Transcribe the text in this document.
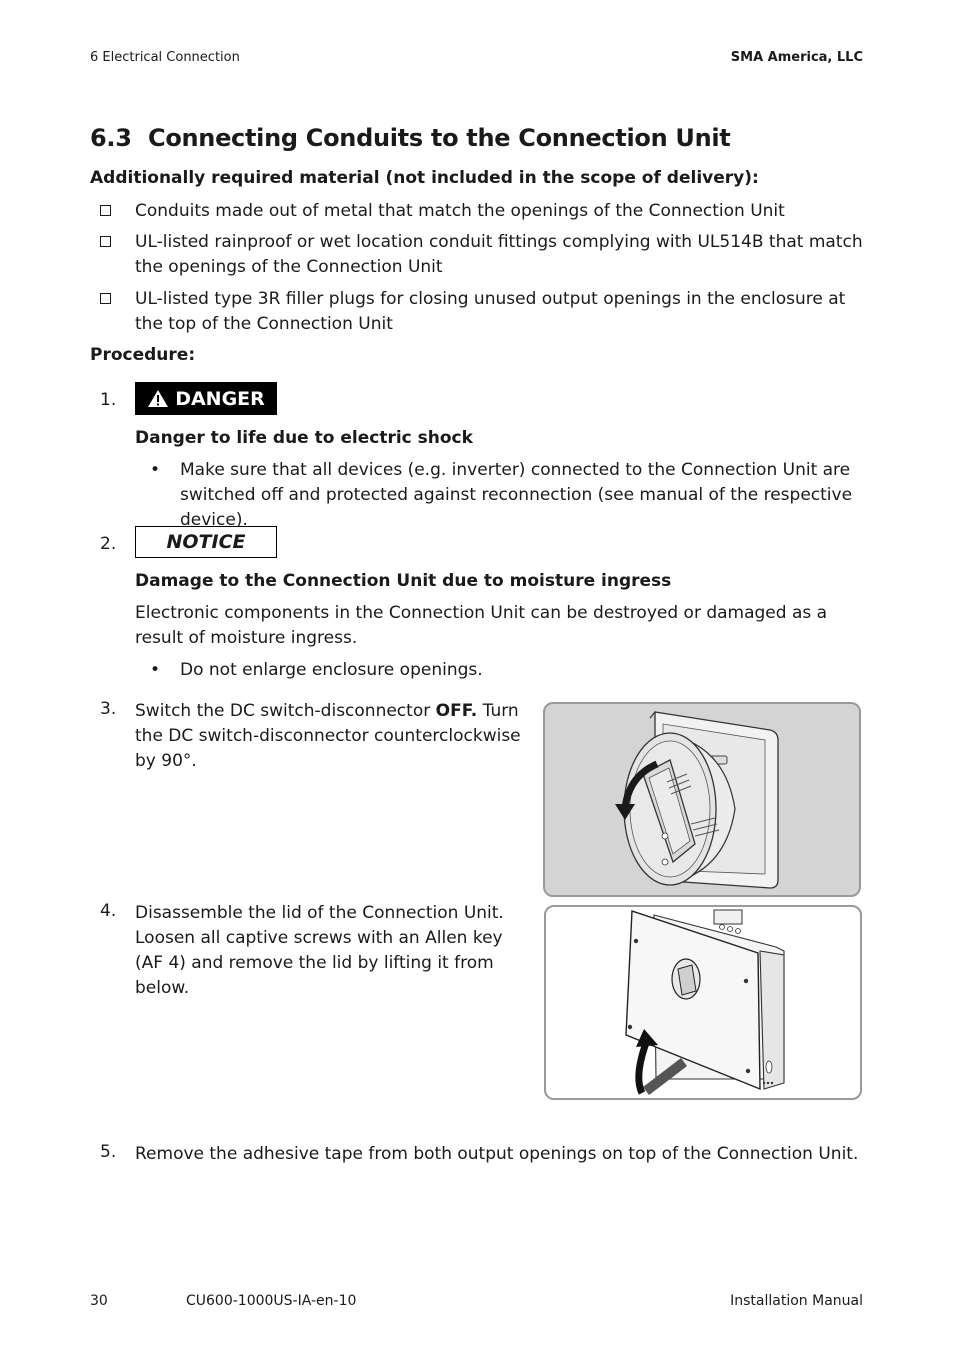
6 Electrical Connection	SMA America, LLC
6.3 Connecting Conduits to the Connection Unit
Additionally required material (not included in the scope of delivery):
Conduits made out of metal that match the openings of the Connection Unit
UL-listed rainproof or wet location conduit fittings complying with UL514B that match the openings of the Connection Unit
UL-listed type 3R filler plugs for closing unused output openings in the enclosure at the top of the Connection Unit
Procedure:
1.	DANGER
Danger to life due to electric shock
• Make sure that all devices (e.g. inverter) connected to the Connection Unit are switched off and protected against reconnection (see manual of the respective device).
2.	NOTICE
Damage to the Connection Unit due to moisture ingress
Electronic components in the Connection Unit can be destroyed or damaged as a result of moisture ingress.
• Do not enlarge enclosure openings.
3. Switch the DC switch-disconnector OFF. Turn the DC switch-disconnector counterclockwise by 90°.
4. Disassemble the lid of the Connection Unit. Loosen all captive screws with an Allen key (AF 4) and remove the lid by lifting it from below.
5. Remove the adhesive tape from both output openings on top of the Connection Unit.
30	CU600-1000US-IA-en-10	Installation Manual
